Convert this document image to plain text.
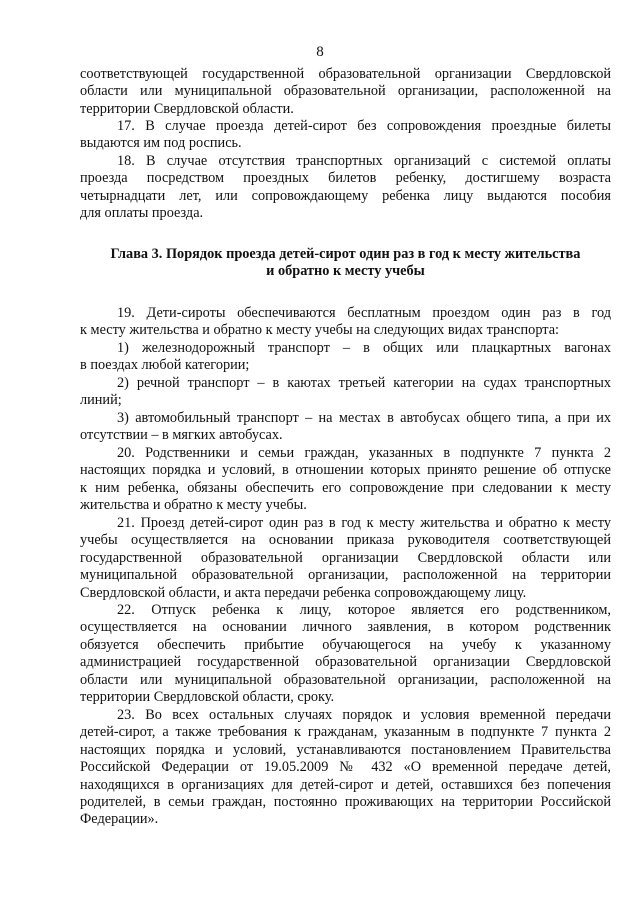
8
соответствующей государственной образовательной организации Свердловской
области или муниципальной образовательной организации, расположенной на
территории Свердловской области.
17. В случае проезда детей-сирот без сопровождения проездные билеты
выдаются им под роспись.
18. В случае отсутствия транспортных организаций с системой оплаты
проезда посредством проездных билетов ребенку, достигшему возраста
четырнадцати лет, или сопровождающему ребенка лицу выдаются пособия
для оплаты проезда.
Глава 3. Порядок проезда детей-сирот один раз в год к месту жительства
и обратно к месту учебы
19. Дети-сироты обеспечиваются бесплатным проездом один раз в год
к месту жительства и обратно к месту учебы на следующих видах транспорта:
1) железнодорожный транспорт – в общих или плацкартных вагонах
в поездах любой категории;
2) речной транспорт – в каютах третьей категории на судах транспортных
линий;
3) автомобильный транспорт – на местах в автобусах общего типа, а при их
отсутствии – в мягких автобусах.
20. Родственники и семьи граждан, указанных в подпункте 7 пункта 2
настоящих порядка и условий, в отношении которых принято решение об отпуске
к ним ребенка, обязаны обеспечить его сопровождение при следовании к месту
жительства и обратно к месту учебы.
21. Проезд детей-сирот один раз в год к месту жительства и обратно к месту
учебы осуществляется на основании приказа руководителя соответствующей
государственной образовательной организации Свердловской области или
муниципальной образовательной организации, расположенной на территории
Свердловской области, и акта передачи ребенка сопровождающему лицу.
22. Отпуск ребенка к лицу, которое является его родственником,
осуществляется на основании личного заявления, в котором родственник
обязуется обеспечить прибытие обучающегося на учебу к указанному
администрацией государственной образовательной организации Свердловской
области или муниципальной образовательной организации, расположенной на
территории Свердловской области, сроку.
23. Во всех остальных случаях порядок и условия временной передачи
детей-сирот, а также требования к гражданам, указанным в подпункте 7 пункта 2
настоящих порядка и условий, устанавливаются постановлением Правительства
Российской Федерации от 19.05.2009 № 432 «О временной передаче детей,
находящихся в организациях для детей-сирот и детей, оставшихся без попечения
родителей, в семьи граждан, постоянно проживающих на территории Российской
Федерации».
